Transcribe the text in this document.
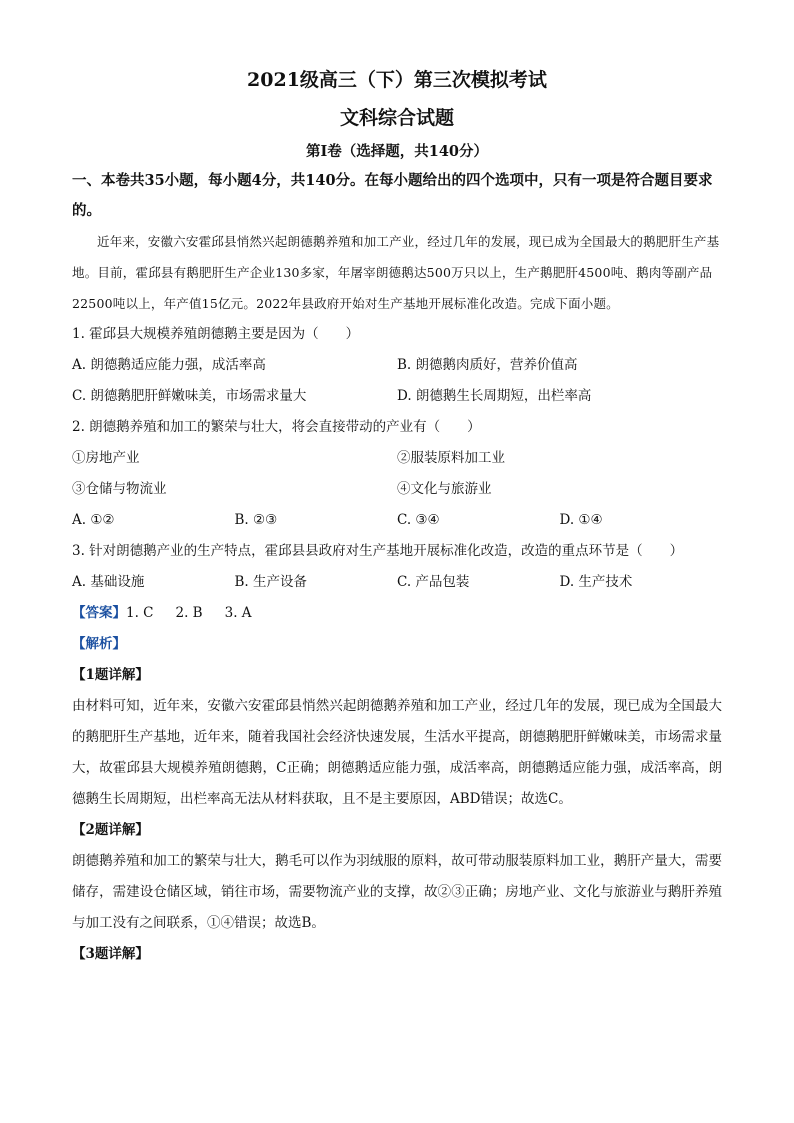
2021级高三（下）第三次模拟考试

文科综合试题

第Ⅰ卷（选择题，共140分）

一、本卷共35小题，每小题4分，共140分。在每小题给出的四个选项中，只有一项是符合题目要求的。

近年来，安徽六安霍邱县悄然兴起朗德鹅养殖和加工产业，经过几年的发展，现已成为全国最大的鹅肥肝生产基地。目前，霍邱县有鹅肥肝生产企业130多家，年屠宰朗德鹅达500万只以上，生产鹅肥肝4500吨、鹅肉等副产品22500吨以上，年产值15亿元。2022年县政府开始对生产基地开展标准化改造。完成下面小题。

1. 霍邱县大规模养殖朗德鹅主要是因为（　　）

A. 朗德鹅适应能力强，成活率高	B. 朗德鹅肉质好，营养价值高
C. 朗德鹅肥肝鲜嫩味美，市场需求量大	D. 朗德鹅生长周期短，出栏率高

2. 朗德鹅养殖和加工的繁荣与壮大，将会直接带动的产业有（　　）

①房地产业	②服装原料加工业
③仓储与物流业	④文化与旅游业
A. ①②	B. ②③	C. ③④	D. ①④

3. 针对朗德鹅产业的生产特点，霍邱县县政府对生产基地开展标准化改造，改造的重点环节是（　　）

A. 基础设施	B. 生产设备	C. 产品包装	D. 生产技术
【答案】1. C 2. B 3. A
【解析】

【1题详解】

由材料可知，近年来，安徽六安霍邱县悄然兴起朗德鹅养殖和加工产业，经过几年的发展，现已成为全国最大的鹅肥肝生产基地，近年来，随着我国社会经济快速发展，生活水平提高，朗德鹅肥肝鲜嫩味美，市场需求量大，故霍邱县大规模养殖朗德鹅，C正确；朗德鹅适应能力强，成活率高，朗德鹅适应能力强，成活率高，朗德鹅生长周期短，出栏率高无法从材料获取，且不是主要原因，ABD错误；故选C。

【2题详解】

朗德鹅养殖和加工的繁荣与壮大，鹅毛可以作为羽绒服的原料，故可带动服装原料加工业，鹅肝产量大，需要储存，需建设仓储区域，销往市场，需要物流产业的支撑，故②③正确；房地产业、文化与旅游业与鹅肝养殖与加工没有之间联系，①④错误；故选B。

【3题详解】
